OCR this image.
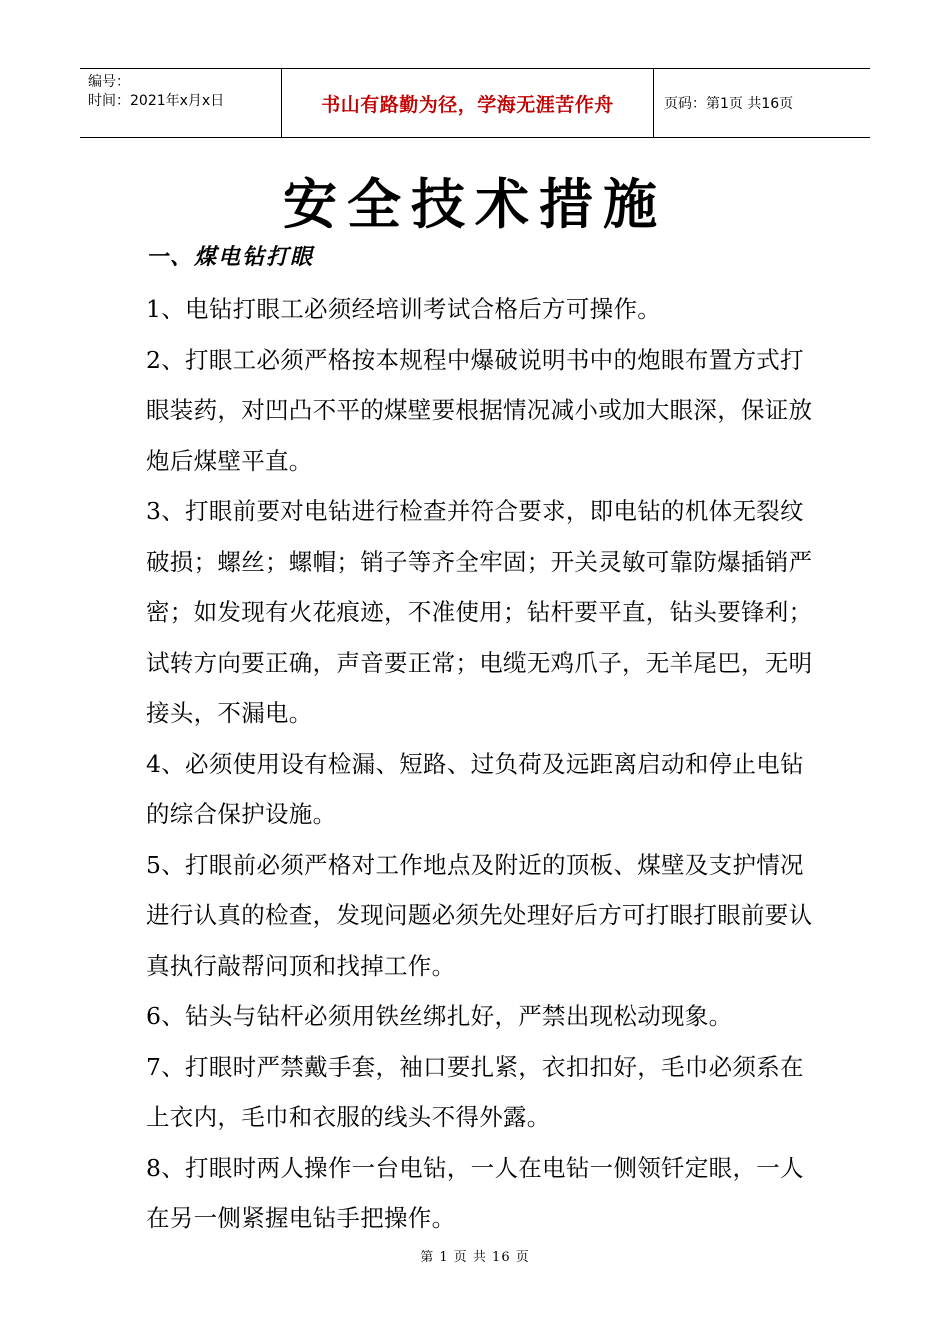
编号：
时间：2021年x月x日	书山有路勤为径，学海无涯苦作舟	页码：第1页 共16页
安全技术措施
一、煤电钻打眼

1、电钻打眼工必须经培训考试合格后方可操作。

2、打眼工必须严格按本规程中爆破说明书中的炮眼布置方式打眼装药，对凹凸不平的煤壁要根据情况减小或加大眼深，保证放炮后煤壁平直。

3、打眼前要对电钻进行检查并符合要求，即电钻的机体无裂纹破损；螺丝；螺帽；销子等齐全牢固；开关灵敏可靠防爆插销严密；如发现有火花痕迹，不准使用；钻杆要平直，钻头要锋利；试转方向要正确，声音要正常；电缆无鸡爪子，无羊尾巴，无明接头，不漏电。

4、必须使用设有检漏、短路、过负荷及远距离启动和停止电钻的综合保护设施。

5、打眼前必须严格对工作地点及附近的顶板、煤壁及支护情况进行认真的检查，发现问题必须先处理好后方可打眼打眼前要认真执行敲帮问顶和找掉工作。

6、钻头与钻杆必须用铁丝绑扎好，严禁出现松动现象。

7、打眼时严禁戴手套，袖口要扎紧，衣扣扣好，毛巾必须系在上衣内，毛巾和衣服的线头不得外露。

8、打眼时两人操作一台电钻，一人在电钻一侧领钎定眼，一人在另一侧紧握电钻手把操作。

第 1 页 共 16 页
